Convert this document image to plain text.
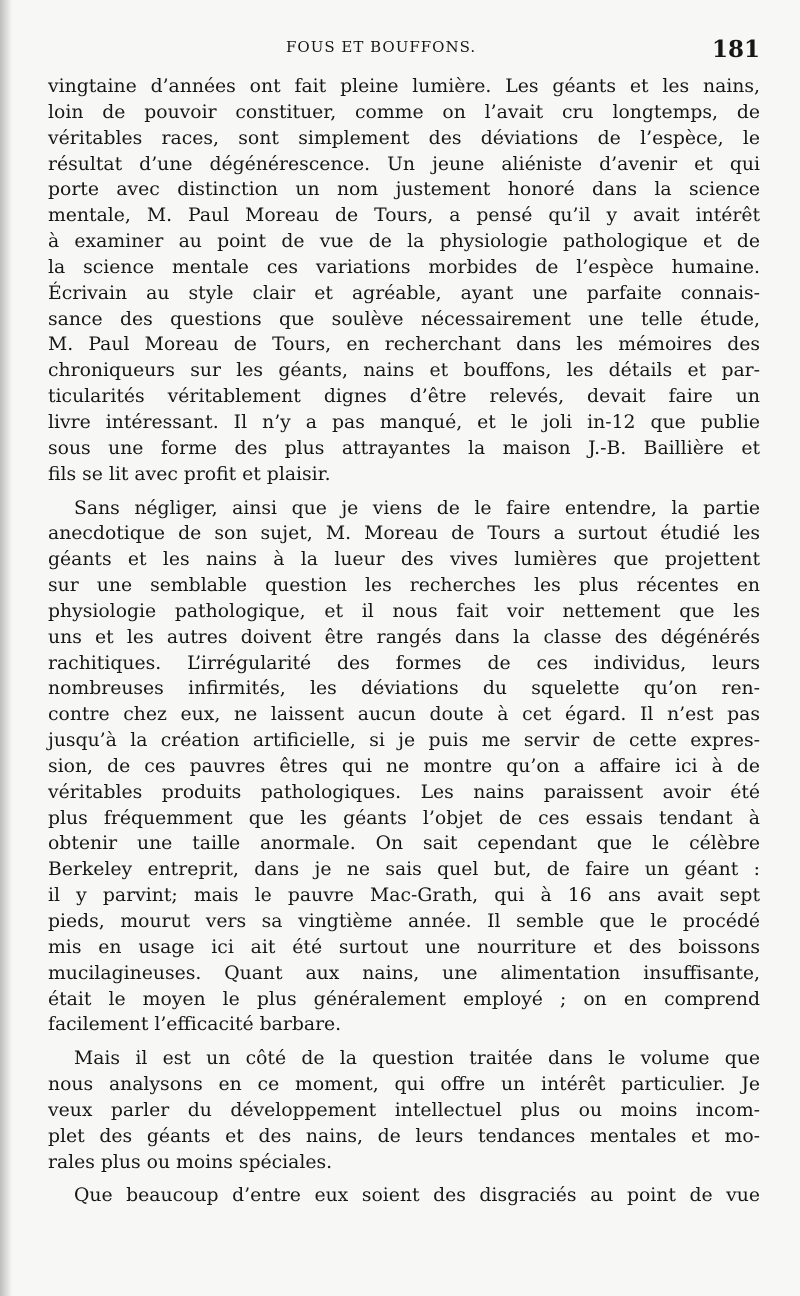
FOUS ET BOUFFONS.	181
vingtaine d’années ont fait pleine lumière. Les géants et les nains,
loin de pouvoir constituer, comme on l’avait cru longtemps, de
véritables races, sont simplement des déviations de l’espèce, le
résultat d’une dégénérescence. Un jeune aliéniste d’avenir et qui
porte avec distinction un nom justement honoré dans la science
mentale, M. Paul Moreau de Tours, a pensé qu’il y avait intérêt
à examiner au point de vue de la physiologie pathologique et de
la science mentale ces variations morbides de l’espèce humaine.
Écrivain au style clair et agréable, ayant une parfaite connais-
sance des questions que soulève nécessairement une telle étude,
M. Paul Moreau de Tours, en recherchant dans les mémoires des
chroniqueurs sur les géants, nains et bouffons, les détails et par-
ticularités véritablement dignes d’être relevés, devait faire un
livre intéressant. Il n’y a pas manqué, et le joli in-12 que publie
sous une forme des plus attrayantes la maison J.-B. Baillière et
fils se lit avec profit et plaisir.
Sans négliger, ainsi que je viens de le faire entendre, la partie
anecdotique de son sujet, M. Moreau de Tours a surtout étudié les
géants et les nains à la lueur des vives lumières que projettent
sur une semblable question les recherches les plus récentes en
physiologie pathologique, et il nous fait voir nettement que les
uns et les autres doivent être rangés dans la classe des dégénérés
rachitiques. L’irrégularité des formes de ces individus, leurs
nombreuses infirmités, les déviations du squelette qu’on ren-
contre chez eux, ne laissent aucun doute à cet égard. Il n’est pas
jusqu’à la création artificielle, si je puis me servir de cette expres-
sion, de ces pauvres êtres qui ne montre qu’on a affaire ici à de
véritables produits pathologiques. Les nains paraissent avoir été
plus fréquemment que les géants l’objet de ces essais tendant à
obtenir une taille anormale. On sait cependant que le célèbre
Berkeley entreprit, dans je ne sais quel but, de faire un géant :
il y parvint; mais le pauvre Mac-Grath, qui à 16 ans avait sept
pieds, mourut vers sa vingtième année. Il semble que le procédé
mis en usage ici ait été surtout une nourriture et des boissons
mucilagineuses. Quant aux nains, une alimentation insuffisante,
était le moyen le plus généralement employé ; on en comprend
facilement l’efficacité barbare.
Mais il est un côté de la question traitée dans le volume que
nous analysons en ce moment, qui offre un intérêt particulier. Je
veux parler du développement intellectuel plus ou moins incom-
plet des géants et des nains, de leurs tendances mentales et mo-
rales plus ou moins spéciales.
Que beaucoup d’entre eux soient des disgraciés au point de vue
